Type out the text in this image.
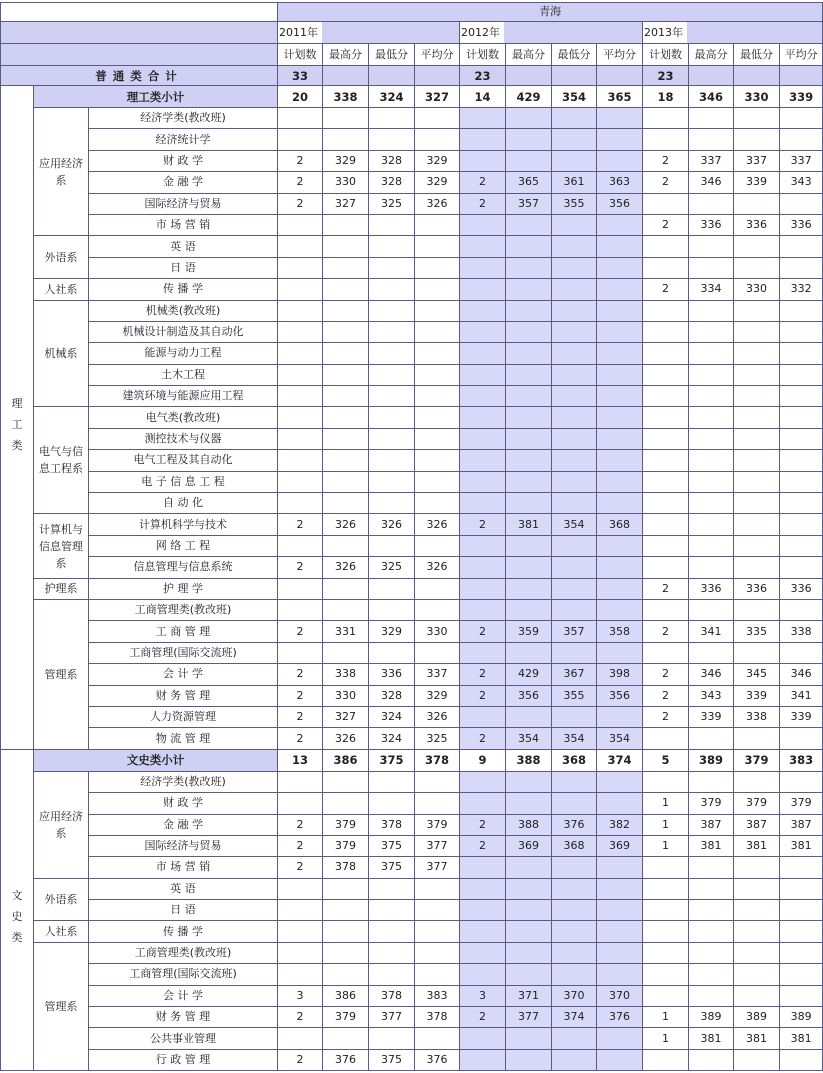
			青海											

2011年				2012年				2013年			
			计划数	最高分	最低分	平均分	计划数	最高分	最低分	平均分	计划数	最高分	最低分	平均分
普通类合计			33				23				23			
理工类	理工类小计		20	338	324	327	14	429	354	365	18	346	330	339
	应用经济系	经济学类(教改班)												
		经济统计学												
		财 政 学	2	329	328	329					2	337	337	337
		金 融 学	2	330	328	329	2	365	361	363	2	346	339	343
		国际经济与贸易	2	327	325	326	2	357	355	356				
		市 场 营 销									2	336	336	336
	外语系	英 语												
		日 语												
	人社系	传 播 学									2	334	330	332
	机械系	机械类(教改班)												
		机械设计制造及其自动化												
		能源与动力工程												
		土木工程												
		建筑环境与能源应用工程												
	电气与信息工程系	电气类(教改班)												
		测控技术与仪器												
		电气工程及其自动化												
		电 子 信 息 工 程												
		自 动 化												
	计算机与信息管理系	计算机科学与技术	2	326	326	326	2	381	354	368				
		网 络 工 程												
		信息管理与信息系统	2	326	325	326								
	护理系	护 理 学									2	336	336	336
	管理系	工商管理类(教改班)												
		工 商 管 理	2	331	329	330	2	359	357	358	2	341	335	338
		工商管理(国际交流班)												
		会 计 学	2	338	336	337	2	429	367	398	2	346	345	346
		财 务 管 理	2	330	328	329	2	356	355	356	2	343	339	341
		人力资源管理	2	327	324	326					2	339	338	339
		物 流 管 理	2	326	324	325	2	354	354	354				
文史类	文史类小计		13	386	375	378	9	388	368	374	5	389	379	383
	应用经济系	经济学类(教改班)												
		财 政 学									1	379	379	379
		金 融 学	2	379	378	379	2	388	376	382	1	387	387	387
		国际经济与贸易	2	379	375	377	2	369	368	369	1	381	381	381
		市 场 营 销	2	378	375	377								
	外语系	英 语												
		日 语												
	人社系	传 播 学												
	管理系	工商管理类(教改班)												
		工商管理(国际交流班)												
		会 计 学	3	386	378	383	3	371	370	370				
		财 务 管 理	2	379	377	378	2	377	374	376	1	389	389	389
		公共事业管理									1	381	381	381
		行 政 管 理	2	376	375	376								
